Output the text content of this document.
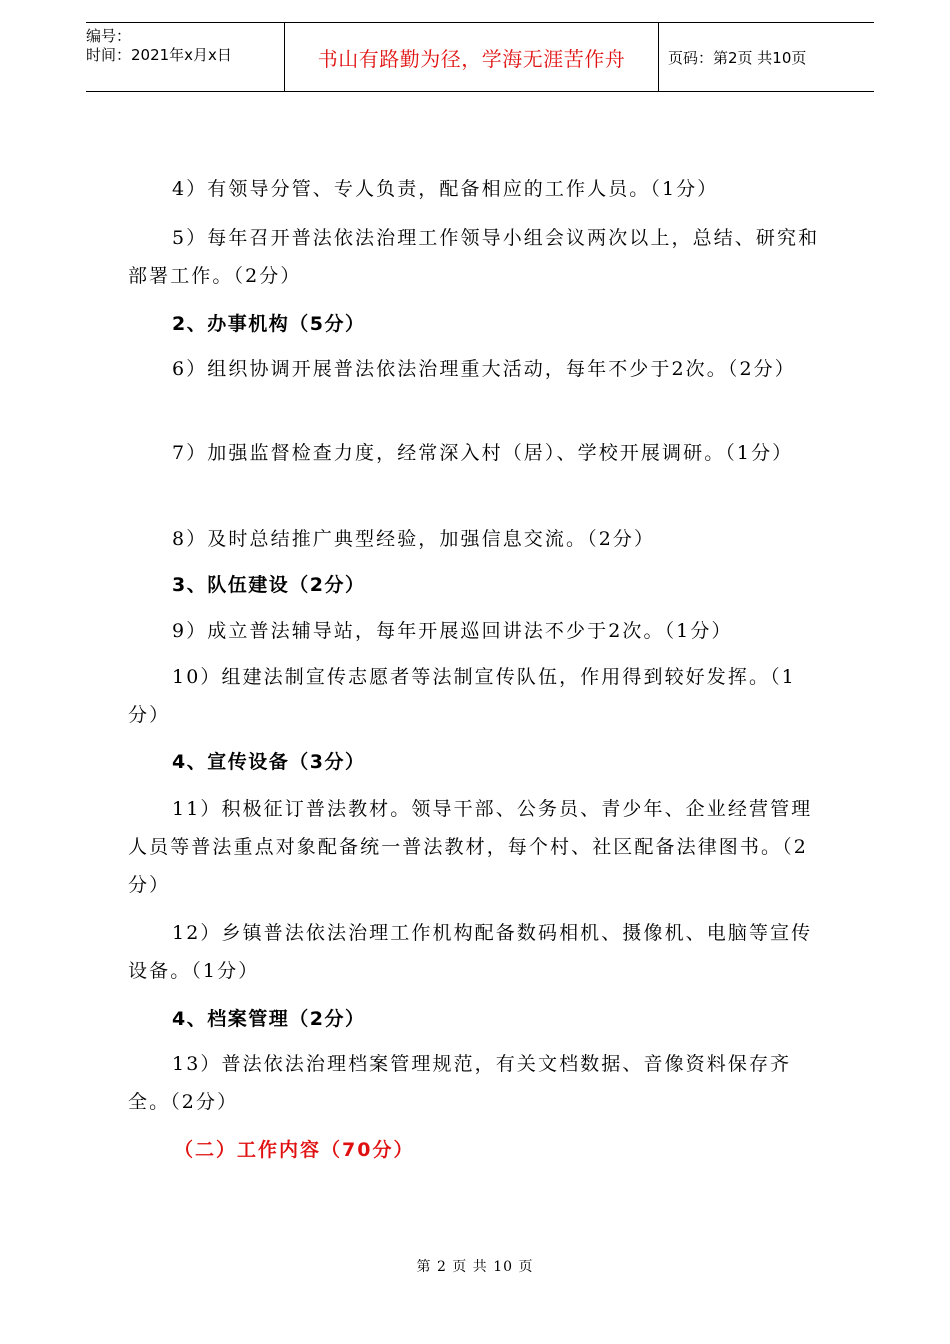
编号：
时间：2021年x月x日	书山有路勤为径，学海无涯苦作舟	页码：第2页 共10页
4）有领导分管、专人负责，配备相应的工作人员。（1分）
5）每年召开普法依法治理工作领导小组会议两次以上，总结、研究和部署工作。（2分）
2、办事机构（5分）
6）组织协调开展普法依法治理重大活动，每年不少于2次。（2分）
7）加强监督检查力度，经常深入村（居）、学校开展调研。（1分）
8）及时总结推广典型经验，加强信息交流。（2分）
3、队伍建设（2分）
9）成立普法辅导站，每年开展巡回讲法不少于2次。（1分）
10）组建法制宣传志愿者等法制宣传队伍，作用得到较好发挥。（1分）
4、宣传设备（3分）
11）积极征订普法教材。领导干部、公务员、青少年、企业经营管理人员等普法重点对象配备统一普法教材，每个村、社区配备法律图书。（2分）
12）乡镇普法依法治理工作机构配备数码相机、摄像机、电脑等宣传设备。（1分）
4、档案管理（2分）
13）普法依法治理档案管理规范，有关文档数据、音像资料保存齐全。（2分）
（二）工作内容（70分）
第 2 页 共 10 页
